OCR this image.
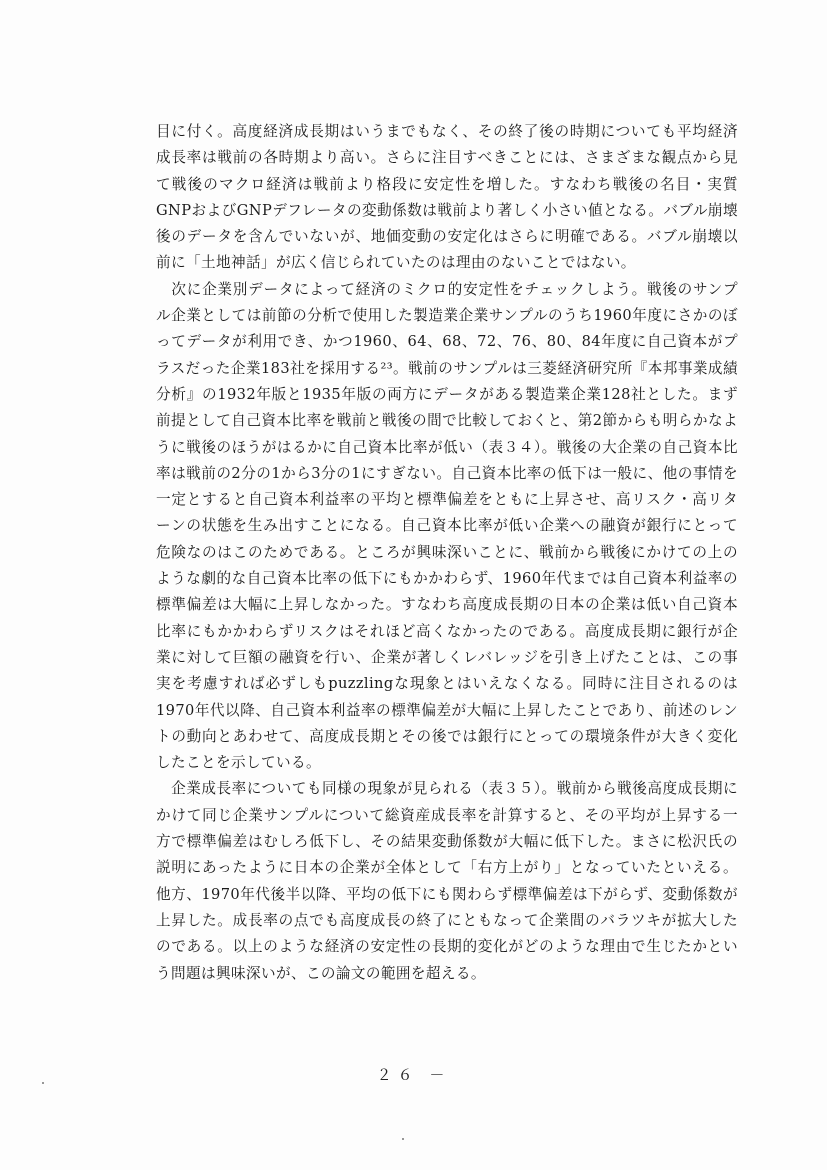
目に付く。高度経済成長期はいうまでもなく、その終了後の時期についても平均経済成長率は戦前の各時期より高い。さらに注目すべきことには、さまざまな観点から見て戦後のマクロ経済は戦前より格段に安定性を増した。すなわち戦後の名目・実質GNPおよびGNPデフレータの変動係数は戦前より著しく小さい値となる。バブル崩壊後のデータを含んでいないが、地価変動の安定化はさらに明確である。バブル崩壊以前に「土地神話」が広く信じられていたのは理由のないことではない。

　次に企業別データによって経済のミクロ的安定性をチェックしよう。戦後のサンプル企業としては前節の分析で使用した製造業企業サンプルのうち1960年度にさかのぼってデータが利用でき、かつ1960、64、68、72、76、80、84年度に自己資本がプラスだった企業183社を採用する²³。戦前のサンプルは三菱経済研究所『本邦事業成績分析』の1932年版と1935年版の両方にデータがある製造業企業128社とした。まず前提として自己資本比率を戦前と戦後の間で比較しておくと、第2節からも明らかなように戦後のほうがはるかに自己資本比率が低い（表３４）。戦後の大企業の自己資本比率は戦前の2分の1から3分の1にすぎない。自己資本比率の低下は一般に、他の事情を一定とすると自己資本利益率の平均と標準偏差をともに上昇させ、高リスク・高リターンの状態を生み出すことになる。自己資本比率が低い企業への融資が銀行にとって危険なのはこのためである。ところが興味深いことに、戦前から戦後にかけての上のような劇的な自己資本比率の低下にもかかわらず、1960年代までは自己資本利益率の標準偏差は大幅に上昇しなかった。すなわち高度成長期の日本の企業は低い自己資本比率にもかかわらずリスクはそれほど高くなかったのである。高度成長期に銀行が企業に対して巨額の融資を行い、企業が著しくレバレッジを引き上げたことは、この事実を考慮すれば必ずしもpuzzlingな現象とはいえなくなる。同時に注目されるのは1970年代以降、自己資本利益率の標準偏差が大幅に上昇したことであり、前述のレントの動向とあわせて、高度成長期とその後では銀行にとっての環境条件が大きく変化したことを示している。

　企業成長率についても同様の現象が見られる（表３５）。戦前から戦後高度成長期にかけて同じ企業サンプルについて総資産成長率を計算すると、その平均が上昇する一方で標準偏差はむしろ低下し、その結果変動係数が大幅に低下した。まさに松沢氏の説明にあったように日本の企業が全体として「右方上がり」となっていたといえる。他方、1970年代後半以降、平均の低下にも関わらず標準偏差は下がらず、変動係数が上昇した。成長率の点でも高度成長の終了にともなって企業間のバラツキが拡大したのである。以上のような経済の安定性の長期的変化がどのような理由で生じたかという問題は興味深いが、この論文の範囲を超える。

２６ －
